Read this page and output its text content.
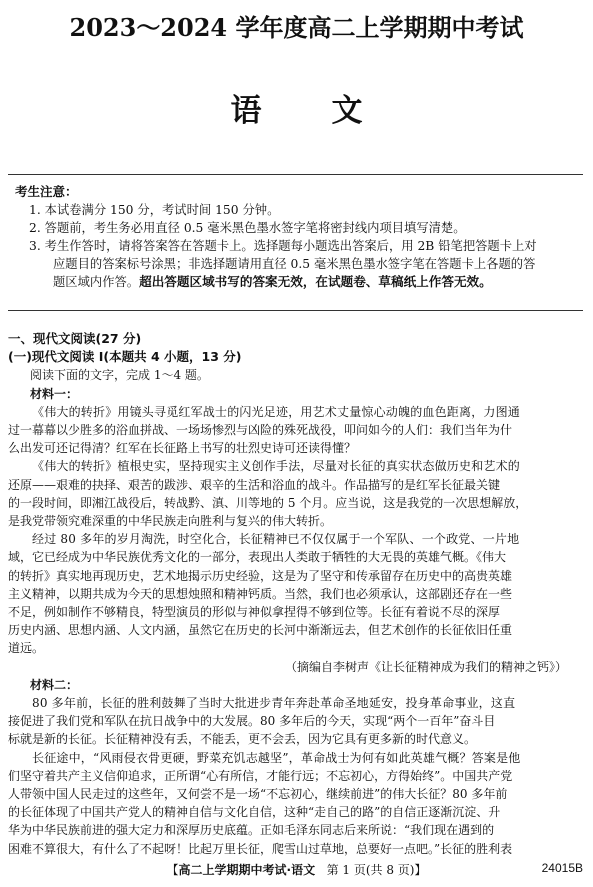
2023～2024 学年度高二上学期期中考试
语 文
考生注意：
1. 本试卷满分 150 分，考试时间 150 分钟。
2. 答题前，考生务必用直径 0.5 毫米黑色墨水签字笔将密封线内项目填写清楚。
3. 考生作答时，请将答案答在答题卡上。选择题每小题选出答案后，用 2B 铅笔把答题卡上对
应题目的答案标号涂黑；非选择题请用直径 0.5 毫米黑色墨水签字笔在答题卡上各题的答
题区域内作答。超出答题区域书写的答案无效，在试题卷、草稿纸上作答无效。
一、现代文阅读(27 分)
(一)现代文阅读 Ⅰ(本题共 4 小题，13 分)
阅读下面的文字，完成 1～4 题。
材料一：
《伟大的转折》用镜头寻觅红军战士的闪光足迹，用艺术丈量惊心动魄的血色距离，力图通
过一幕幕以少胜多的浴血拼战、一场场惨烈与凶险的殊死战役，叩问如今的人们：我们当年为什
么出发可还记得清？红军在长征路上书写的壮烈史诗可还读得懂？
《伟大的转折》植根史实，坚持现实主义创作手法，尽量对长征的真实状态做历史和艺术的
还原——艰难的抉择、艰苦的跋涉、艰辛的生活和浴血的战斗。作品描写的是红军长征最关键
的一段时间，即湘江战役后，转战黔、滇、川等地的 5 个月。应当说，这是我党的一次思想解放，
是我党带领究难深重的中华民族走向胜利与复兴的伟大转折。
经过 80 多年的岁月淘洗，时空化合，长征精神已不仅仅属于一个军队、一个政党、一片地
域，它已经成为中华民族优秀文化的一部分，表现出人类敢于牺牲的大无畏的英雄气概。《伟大
的转折》真实地再现历史，艺术地揭示历史经验，这是为了坚守和传承留存在历史中的高贵英雄
主义精神，以期共成为今天的思想烛照和精神钙质。当然，我们也必须承认，这部剧还存在一些
不足，例如制作不够精良，特型演员的形似与神似拿捏得不够到位等。长征有着说不尽的深厚
历史内涵、思想内涵、人文内涵，虽然它在历史的长河中渐渐远去，但艺术创作的长征依旧任重
道远。
（摘编自李树声《让长征精神成为我们的精神之钙》）
材料二：
80 多年前，长征的胜利鼓舞了当时大批进步青年奔赴革命圣地延安，投身革命事业，这直
接促进了我们党和军队在抗日战争中的大发展。80 多年后的今天，实现“两个一百年”奋斗目
标就是新的长征。长征精神没有丢，不能丢，更不会丢，因为它具有更多新的时代意义。
长征途中，“风雨侵衣骨更硬，野菜充饥志越坚”，革命战士为何有如此英雄气概？答案是他
们坚守着共产主义信仰追求，正所谓“心有所信，才能行远；不忘初心，方得始终”。中国共产党
人带领中国人民走过的这些年，又何尝不是一场“不忘初心，继续前进”的伟大长征？80 多年前
的长征体现了中国共产党人的精神自信与文化自信，这种“走自己的路”的自信正逐渐沉淀、升
华为中华民族前进的强大定力和深厚历史底蕴。正如毛泽东同志后来所说：“我们现在遇到的
困难不算很大，有什么了不起呀！比起万里长征，爬雪山过草地，总要好一点吧。”长征的胜利表
【高二上学期期中考试·语文 第 1 页(共 8 页)】	24015B
